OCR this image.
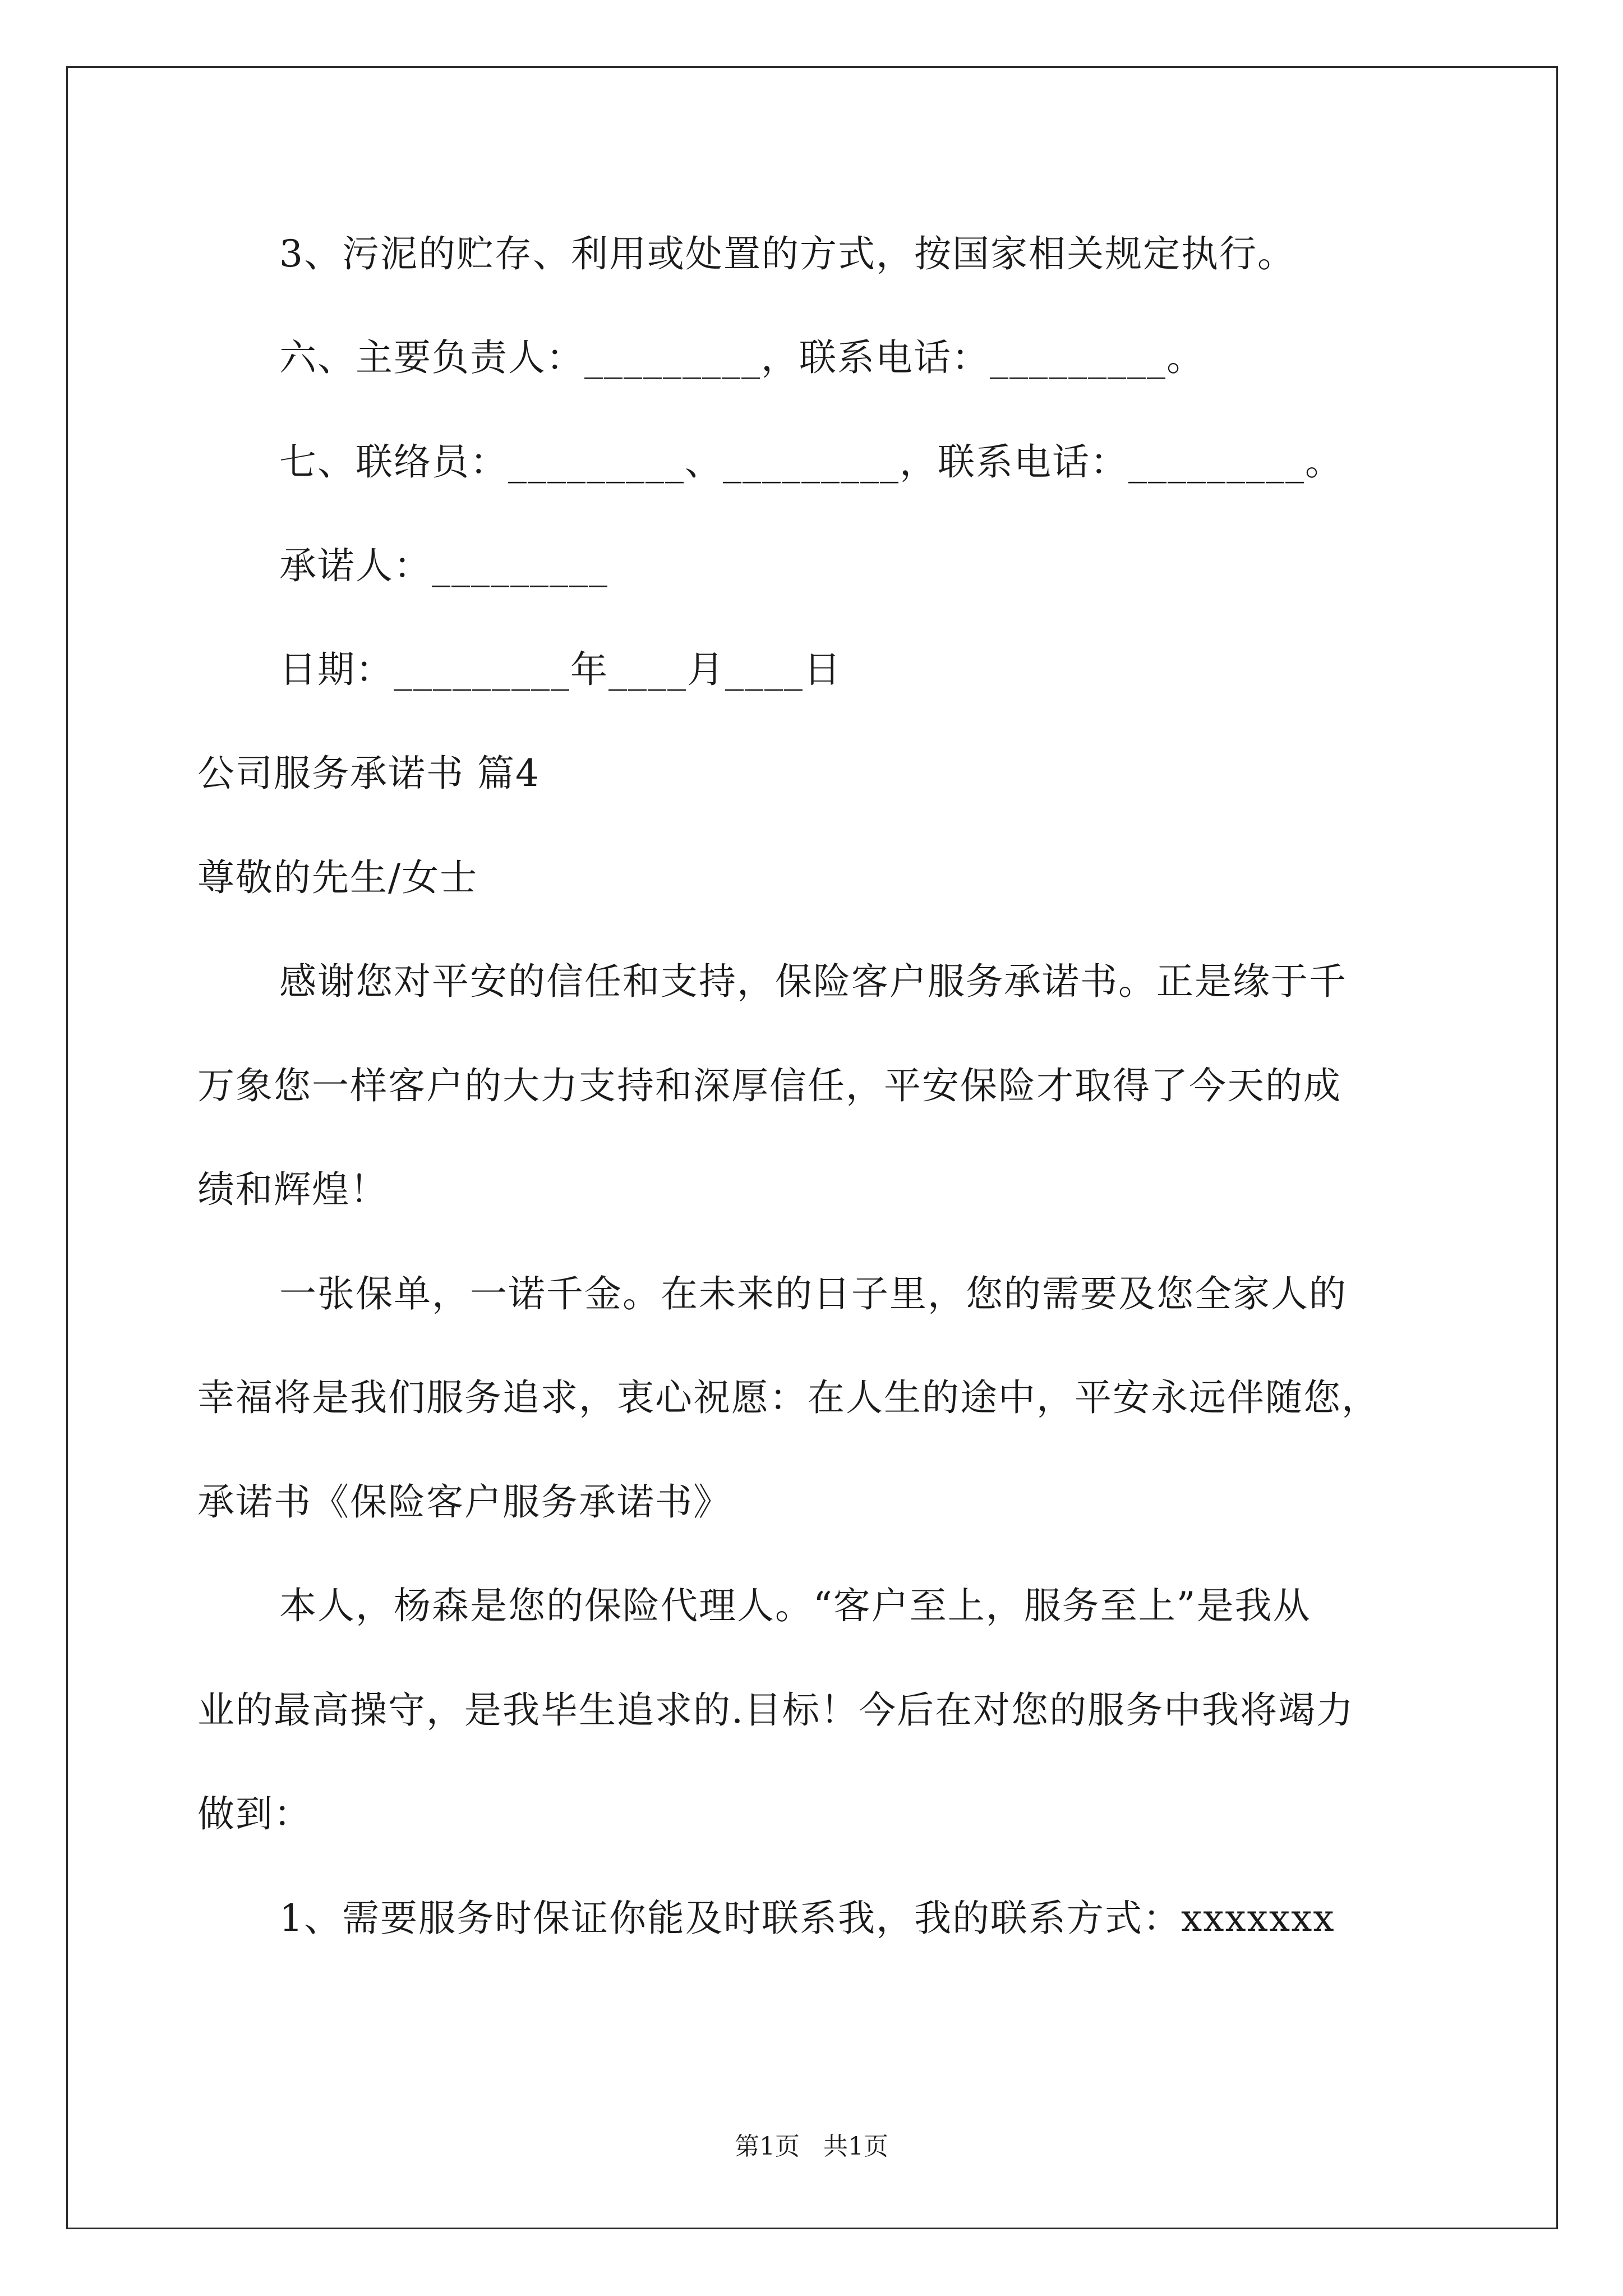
3、污泥的贮存、利用或处置的方式，按国家相关规定执行。
六、主要负责人：_________，联系电话：_________。
七、联络员：_________、_________，联系电话：_________。
承诺人：_________
日期：_________年____月____日
公司服务承诺书 篇4
尊敬的先生/女士
感谢您对平安的信任和支持，保险客户服务承诺书。正是缘于千
万象您一样客户的大力支持和深厚信任，平安保险才取得了今天的成
绩和辉煌！
一张保单，一诺千金。在未来的日子里，您的需要及您全家人的
幸福将是我们服务追求，衷心祝愿：在人生的途中，平安永远伴随您，
承诺书《保险客户服务承诺书》
本人，杨森是您的保险代理人。“客户至上，服务至上”是我从
业的最高操守，是我毕生追求的.目标！今后在对您的服务中我将竭力
做到：
1、需要服务时保证你能及时联系我，我的联系方式：xxxxxxx
第1页 共1页
